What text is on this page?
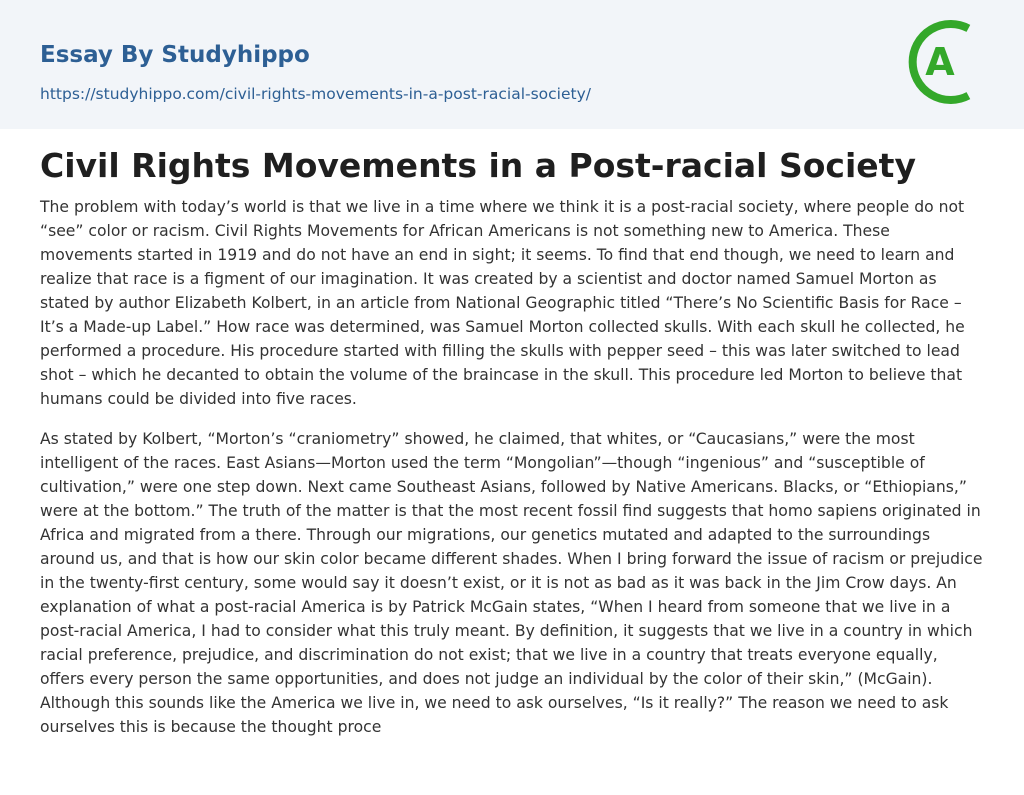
Essay By Studyhippo
https://studyhippo.com/civil-rights-movements-in-a-post-racial-society/
A
Civil Rights Movements in a Post-racial Society

The problem with today’s world is that we live in a time where we think it is a post-racial society, where people do not “see” color or racism. Civil Rights Movements for African Americans is not something new to America. These movements started in 1919 and do not have an end in sight; it seems. To find that end though, we need to learn and realize that race is a figment of our imagination. It was created by a scientist and doctor named Samuel Morton as stated by author Elizabeth Kolbert, in an article from National Geographic titled “There’s No Scientific Basis for Race – It’s a Made-up Label.” How race was determined, was Samuel Morton collected skulls. With each skull he collected, he performed a procedure. His procedure started with filling the skulls with pepper seed – this was later switched to lead shot – which he decanted to obtain the volume of the braincase in the skull. This procedure led Morton to believe that humans could be divided into five races.

As stated by Kolbert, “Morton’s “craniometry” showed, he claimed, that whites, or “Caucasians,” were the most intelligent of the races. East Asians—Morton used the term “Mongolian”—though “ingenious” and “susceptible of cultivation,” were one step down. Next came Southeast Asians, followed by Native Americans. Blacks, or “Ethiopians,” were at the bottom.” The truth of the matter is that the most recent fossil find suggests that homo sapiens originated in Africa and migrated from a there. Through our migrations, our genetics mutated and adapted to the surroundings around us, and that is how our skin color became different shades. When I bring forward the issue of racism or prejudice in the twenty-first century, some would say it doesn’t exist, or it is not as bad as it was back in the Jim Crow days. An explanation of what a post-racial America is by Patrick McGain states, “When I heard from someone that we live in a post-racial America, I had to consider what this truly meant. By definition, it suggests that we live in a country in which racial preference, prejudice, and discrimination do not exist; that we live in a country that treats everyone equally, offers every person the same opportunities, and does not judge an individual by the color of their skin,” (McGain). Although this sounds like the America we live in, we need to ask ourselves, “Is it really?” The reason we need to ask ourselves this is because the thought proce
